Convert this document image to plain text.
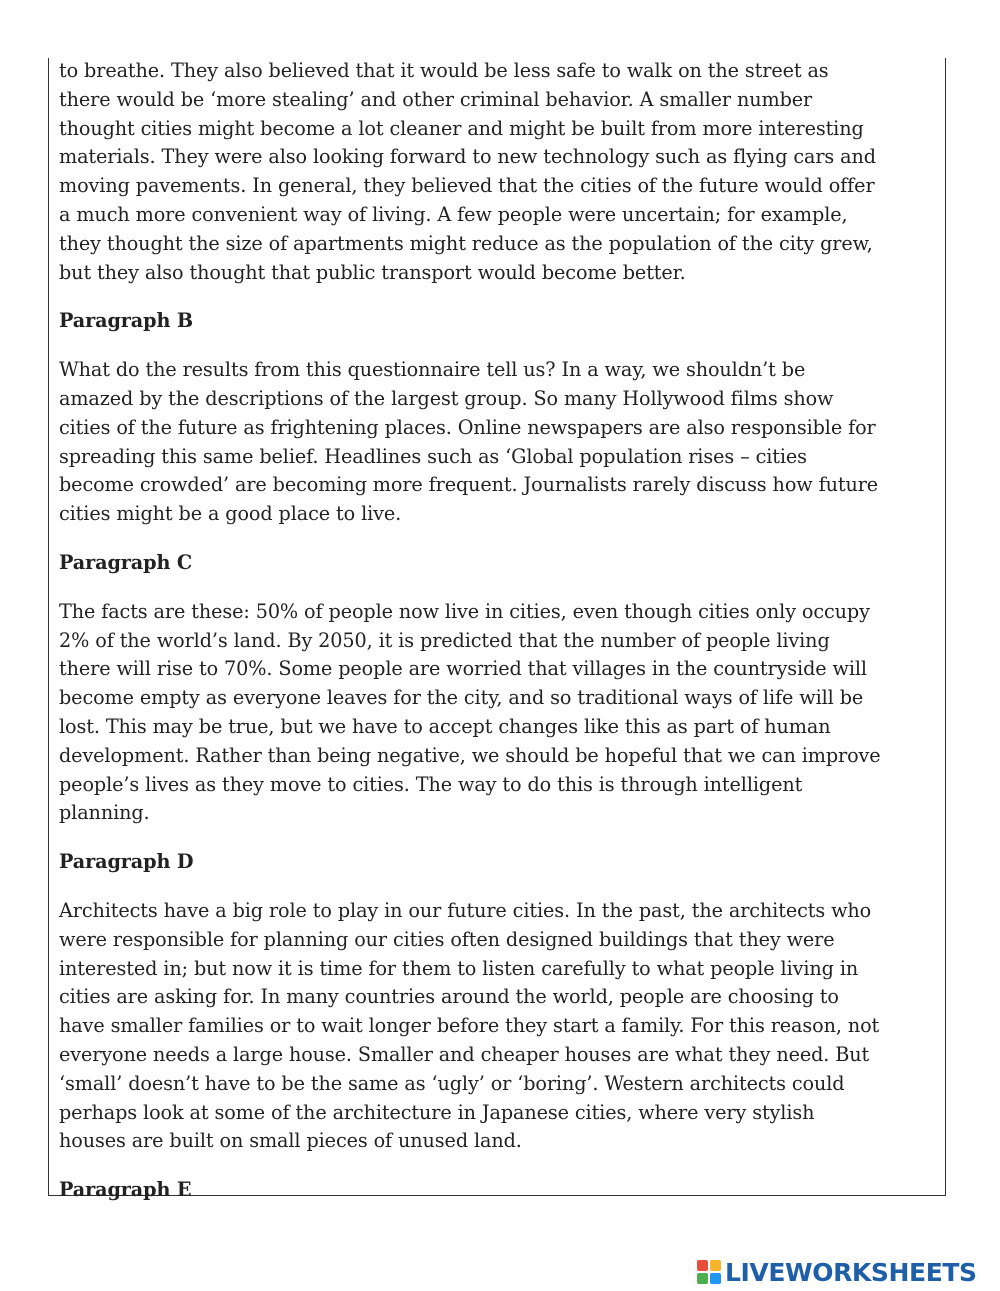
to breathe. They also believed that it would be less safe to walk on the street as

there would be ‘more stealing’ and other criminal behavior. A smaller number

thought cities might become a lot cleaner and might be built from more interesting

materials. They were also looking forward to new technology such as flying cars and

moving pavements. In general, they believed that the cities of the future would offer

a much more convenient way of living. A few people were uncertain; for example,

they thought the size of apartments might reduce as the population of the city grew,

but they also thought that public transport would become better.

Paragraph B

What do the results from this questionnaire tell us? In a way, we shouldn’t be

amazed by the descriptions of the largest group. So many Hollywood films show

cities of the future as frightening places. Online newspapers are also responsible for

spreading this same belief. Headlines such as ‘Global population rises – cities

become crowded’ are becoming more frequent. Journalists rarely discuss how future

cities might be a good place to live.

Paragraph C

The facts are these: 50% of people now live in cities, even though cities only occupy

2% of the world’s land. By 2050, it is predicted that the number of people living

there will rise to 70%. Some people are worried that villages in the countryside will

become empty as everyone leaves for the city, and so traditional ways of life will be

lost. This may be true, but we have to accept changes like this as part of human

development. Rather than being negative, we should be hopeful that we can improve

people’s lives as they move to cities. The way to do this is through intelligent

planning.

Paragraph D

Architects have a big role to play in our future cities. In the past, the architects who

were responsible for planning our cities often designed buildings that they were

interested in; but now it is time for them to listen carefully to what people living in

cities are asking for. In many countries around the world, people are choosing to

have smaller families or to wait longer before they start a family. For this reason, not

everyone needs a large house. Smaller and cheaper houses are what they need. But

‘small’ doesn’t have to be the same as ‘ugly’ or ‘boring’. Western architects could

perhaps look at some of the architecture in Japanese cities, where very stylish

houses are built on small pieces of unused land.

Paragraph E

LIVEWORKSHEETS
